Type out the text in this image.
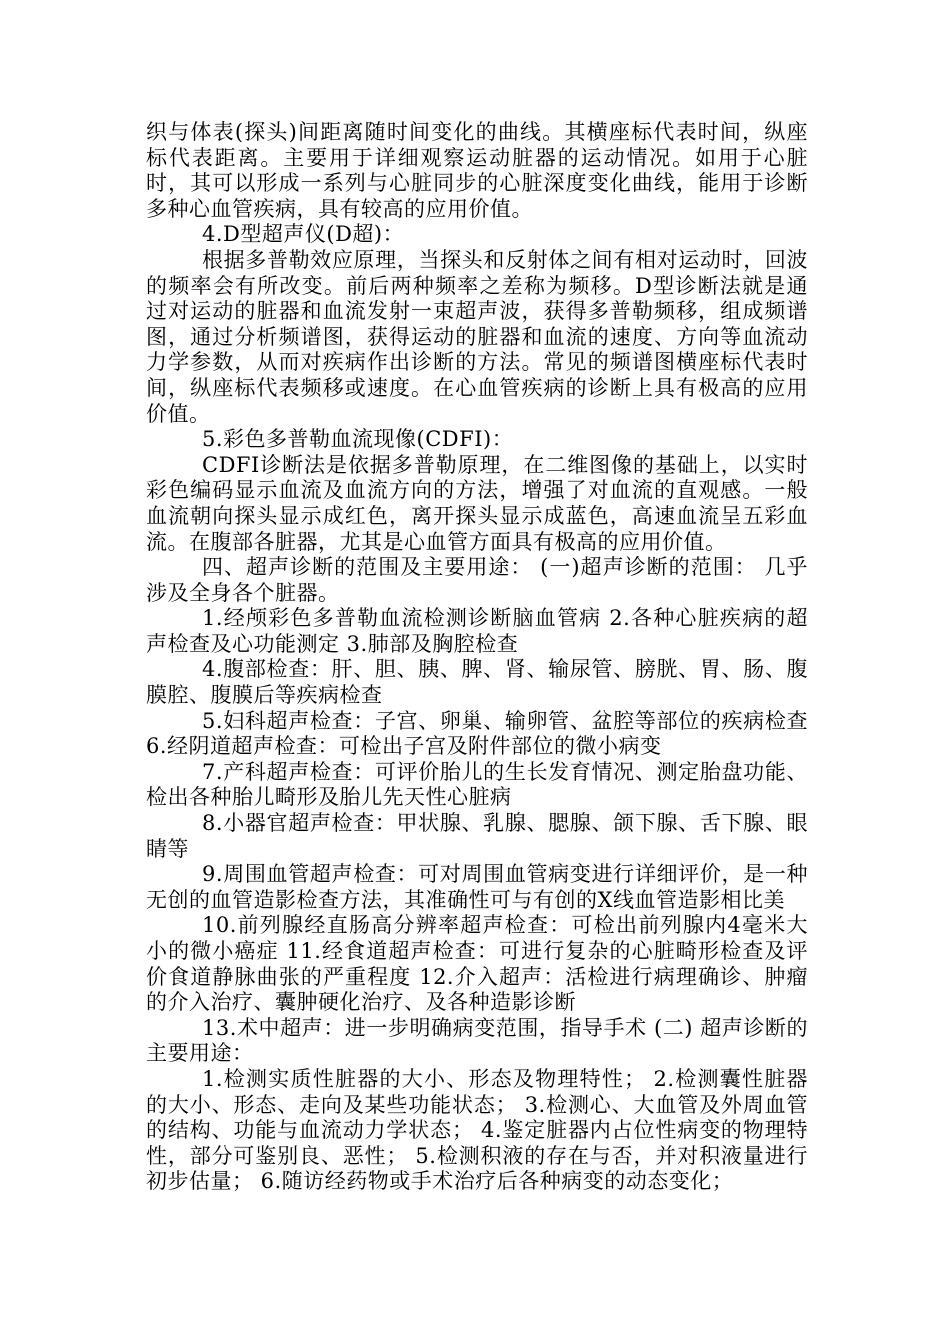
织与体表(探头)间距离随时间变化的曲线。其横座标代表时间，纵座标代表距离。主要用于详细观察运动脏器的运动情况。如用于心脏时，其可以形成一系列与心脏同步的心脏深度变化曲线，能用于诊断多种心血管疾病，具有较高的应用价值。

4.D型超声仪(D超)：

根据多普勒效应原理，当探头和反射体之间有相对运动时，回波的频率会有所改变。前后两种频率之差称为频移。D型诊断法就是通过对运动的脏器和血流发射一束超声波，获得多普勒频移，组成频谱图，通过分析频谱图，获得运动的脏器和血流的速度、方向等血流动力学参数，从而对疾病作出诊断的方法。常见的频谱图横座标代表时间，纵座标代表频移或速度。在心血管疾病的诊断上具有极高的应用价值。

5.彩色多普勒血流现像(CDFI)：

CDFI诊断法是依据多普勒原理，在二维图像的基础上，以实时彩色编码显示血流及血流方向的方法，增强了对血流的直观感。一般血流朝向探头显示成红色，离开探头显示成蓝色，高速血流呈五彩血流。在腹部各脏器，尤其是心血管方面具有极高的应用价值。

四、超声诊断的范围及主要用途： (一)超声诊断的范围： 几乎涉及全身各个脏器。

1.经颅彩色多普勒血流检测诊断脑血管病 2.各种心脏疾病的超声检查及心功能测定 3.肺部及胸腔检查

4.腹部检查：肝、胆、胰、脾、肾、输尿管、膀胱、胃、肠、腹膜腔、腹膜后等疾病检查

5.妇科超声检查：子宫、卵巢、输卵管、盆腔等部位的疾病检查 6.经阴道超声检查：可检出子宫及附件部位的微小病变

7.产科超声检查：可评价胎儿的生长发育情况、测定胎盘功能、检出各种胎儿畸形及胎儿先天性心脏病

8.小器官超声检查：甲状腺、乳腺、腮腺、颌下腺、舌下腺、眼睛等

9.周围血管超声检查：可对周围血管病变进行详细评价，是一种无创的血管造影检查方法，其准确性可与有创的X线血管造影相比美

10.前列腺经直肠高分辨率超声检查：可检出前列腺内4毫米大小的微小癌症 11.经食道超声检查：可进行复杂的心脏畸形检查及评价食道静脉曲张的严重程度 12.介入超声：活检进行病理确诊、肿瘤的介入治疗、囊肿硬化治疗、及各种造影诊断

13.术中超声：进一步明确病变范围，指导手术 (二) 超声诊断的主要用途：

1.检测实质性脏器的大小、形态及物理特性； 2.检测囊性脏器的大小、形态、走向及某些功能状态； 3.检测心、大血管及外周血管的结构、功能与血流动力学状态； 4.鉴定脏器内占位性病变的物理特性，部分可鉴别良、恶性； 5.检测积液的存在与否，并对积液量进行初步估量； 6.随访经药物或手术治疗后各种病变的动态变化；
